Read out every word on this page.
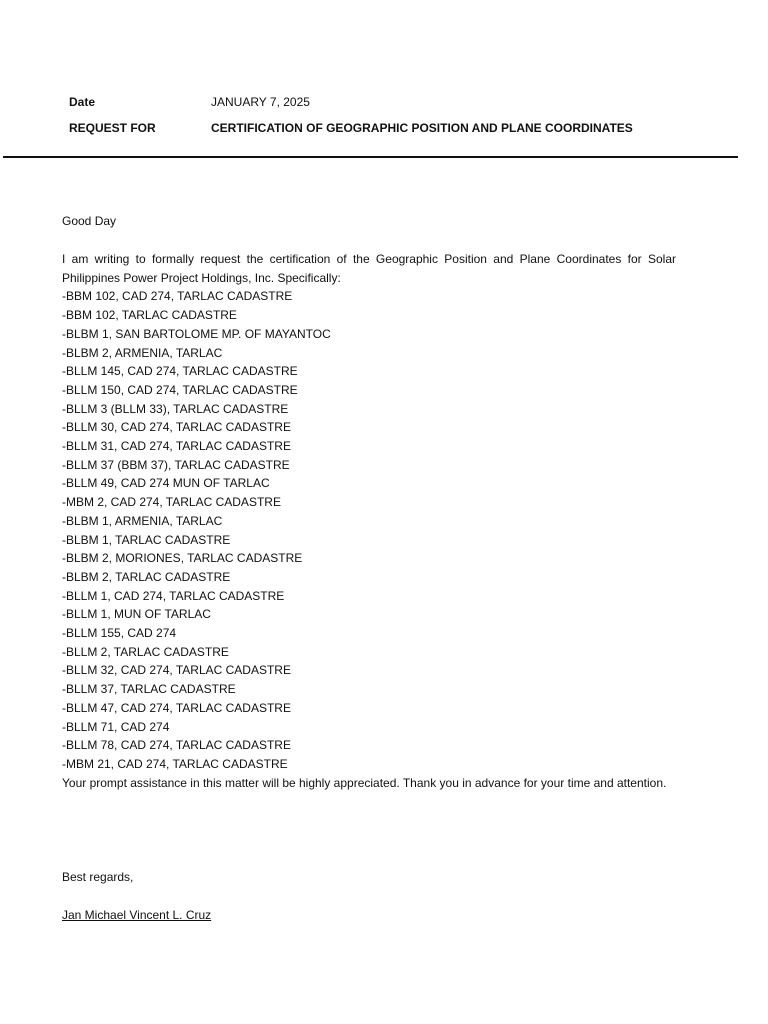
Date	JANUARY 7, 2025
REQUEST FOR	CERTIFICATION OF GEOGRAPHIC POSITION AND PLANE COORDINATES
Good Day
I am writing to formally request the certification of the Geographic Position and Plane Coordinates for Solar Philippines Power Project Holdings, Inc. Specifically:
-BBM 102, CAD 274, TARLAC CADASTRE
-BBM 102, TARLAC CADASTRE
-BLBM 1, SAN BARTOLOME MP. OF MAYANTOC
-BLBM 2, ARMENIA, TARLAC
-BLLM 145, CAD 274, TARLAC CADASTRE
-BLLM 150, CAD 274, TARLAC CADASTRE
-BLLM 3 (BLLM 33), TARLAC CADASTRE
-BLLM 30, CAD 274, TARLAC CADASTRE
-BLLM 31, CAD 274, TARLAC CADASTRE
-BLLM 37 (BBM 37), TARLAC CADASTRE
-BLLM 49, CAD 274 MUN OF TARLAC
-MBM 2, CAD 274, TARLAC CADASTRE
-BLBM 1, ARMENIA, TARLAC
-BLBM 1, TARLAC CADASTRE
-BLBM 2, MORIONES, TARLAC CADASTRE
-BLBM 2, TARLAC CADASTRE
-BLLM 1, CAD 274, TARLAC CADASTRE
-BLLM 1, MUN OF TARLAC
-BLLM 155, CAD 274
-BLLM 2, TARLAC CADASTRE
-BLLM 32, CAD 274, TARLAC CADASTRE
-BLLM 37, TARLAC CADASTRE
-BLLM 47, CAD 274, TARLAC CADASTRE
-BLLM 71, CAD 274
-BLLM 78, CAD 274, TARLAC CADASTRE
-MBM 21, CAD 274, TARLAC CADASTRE
Your prompt assistance in this matter will be highly appreciated. Thank you in advance for your time and attention.
Best regards,
Jan Michael Vincent L. Cruz
